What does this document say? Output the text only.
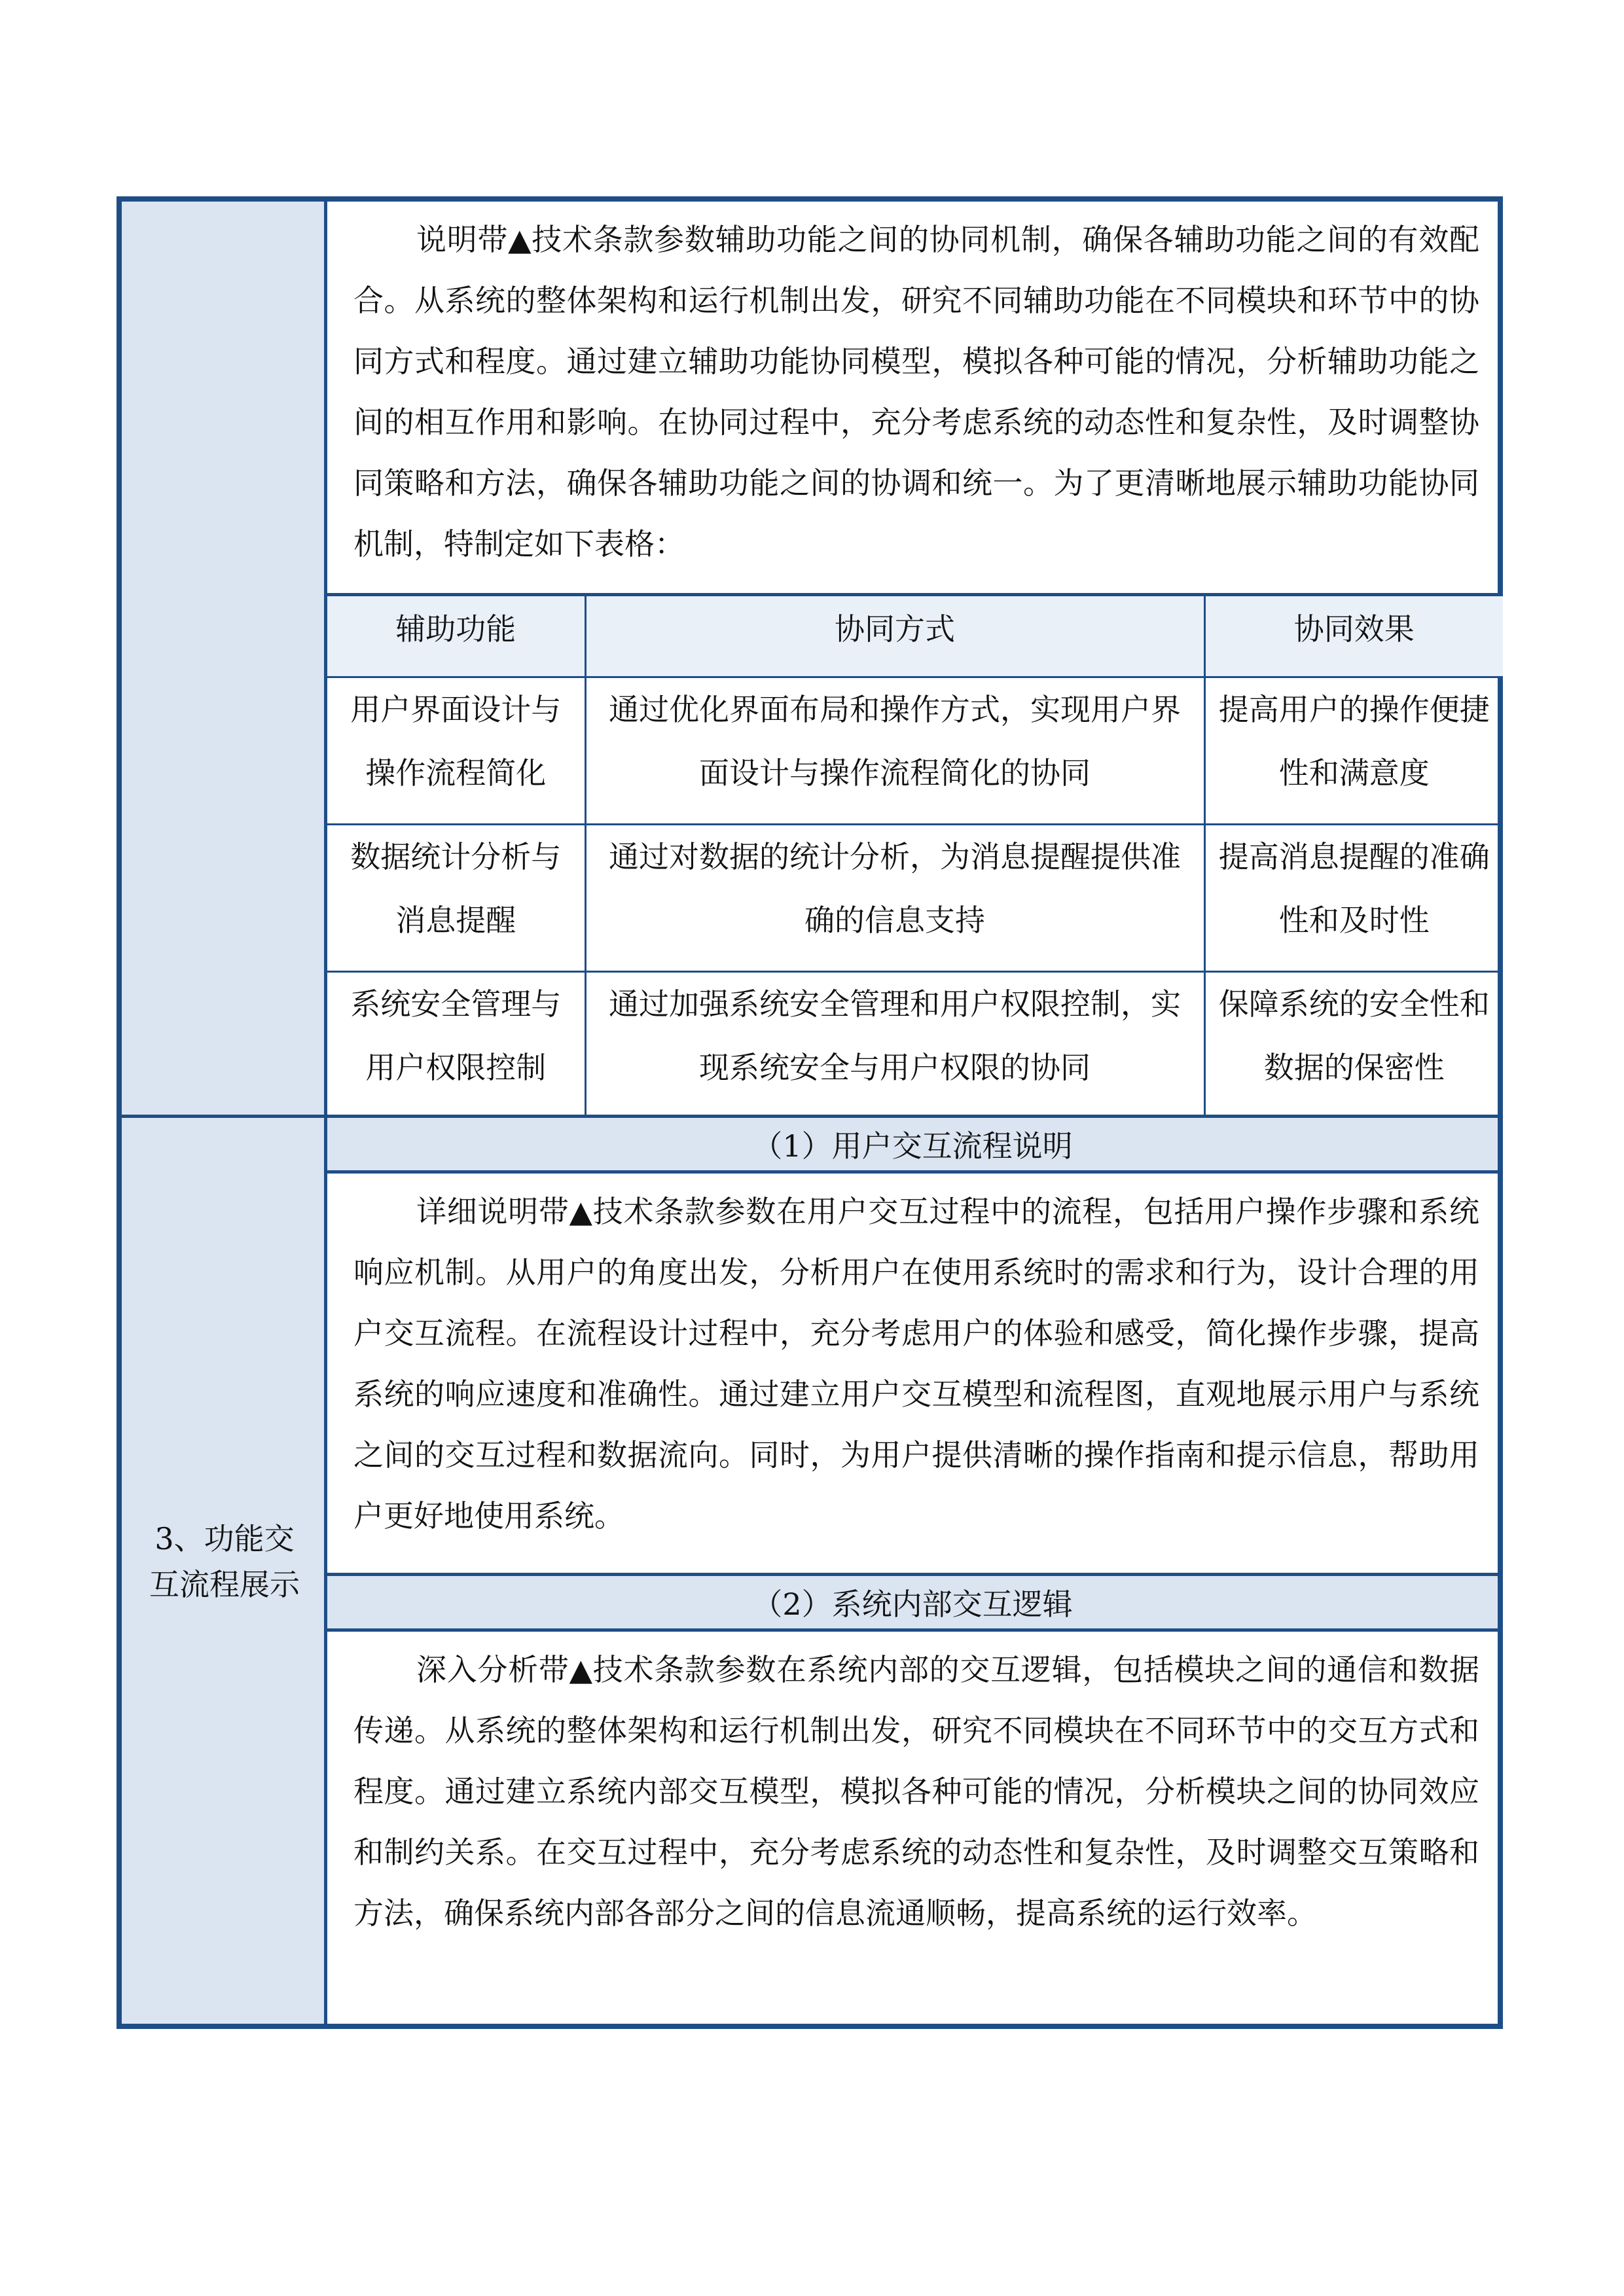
3、功能交互流程展示
说明带▲技术条款参数辅助功能之间的协同机制，确保各辅助功能之间的有效配合。从系统的整体架构和运行机制出发，研究不同辅助功能在不同模块和环节中的协同方式和程度。通过建立辅助功能协同模型，模拟各种可能的情况，分析辅助功能之间的相互作用和影响。在协同过程中，充分考虑系统的动态性和复杂性，及时调整协同策略和方法，确保各辅助功能之间的协调和统一。为了更清晰地展示辅助功能协同机制，特制定如下表格：
辅助功能	协同方式	协同效果
用户界面设计与操作流程简化	通过优化界面布局和操作方式，实现用户界面设计与操作流程简化的协同	提高用户的操作便捷性和满意度
数据统计分析与消息提醒	通过对数据的统计分析，为消息提醒提供准确的信息支持	提高消息提醒的准确性和及时性
系统安全管理与用户权限控制	通过加强系统安全管理和用户权限控制，实现系统安全与用户权限的协同	保障系统的安全性和数据的保密性
（1）用户交互流程说明
详细说明带▲技术条款参数在用户交互过程中的流程，包括用户操作步骤和系统响应机制。从用户的角度出发，分析用户在使用系统时的需求和行为，设计合理的用户交互流程。在流程设计过程中，充分考虑用户的体验和感受，简化操作步骤，提高系统的响应速度和准确性。通过建立用户交互模型和流程图，直观地展示用户与系统之间的交互过程和数据流向。同时，为用户提供清晰的操作指南和提示信息，帮助用户更好地使用系统。
（2）系统内部交互逻辑
深入分析带▲技术条款参数在系统内部的交互逻辑，包括模块之间的通信和数据传递。从系统的整体架构和运行机制出发，研究不同模块在不同环节中的交互方式和程度。通过建立系统内部交互模型，模拟各种可能的情况，分析模块之间的协同效应和制约关系。在交互过程中，充分考虑系统的动态性和复杂性，及时调整交互策略和方法，确保系统内部各部分之间的信息流通顺畅，提高系统的运行效率。
